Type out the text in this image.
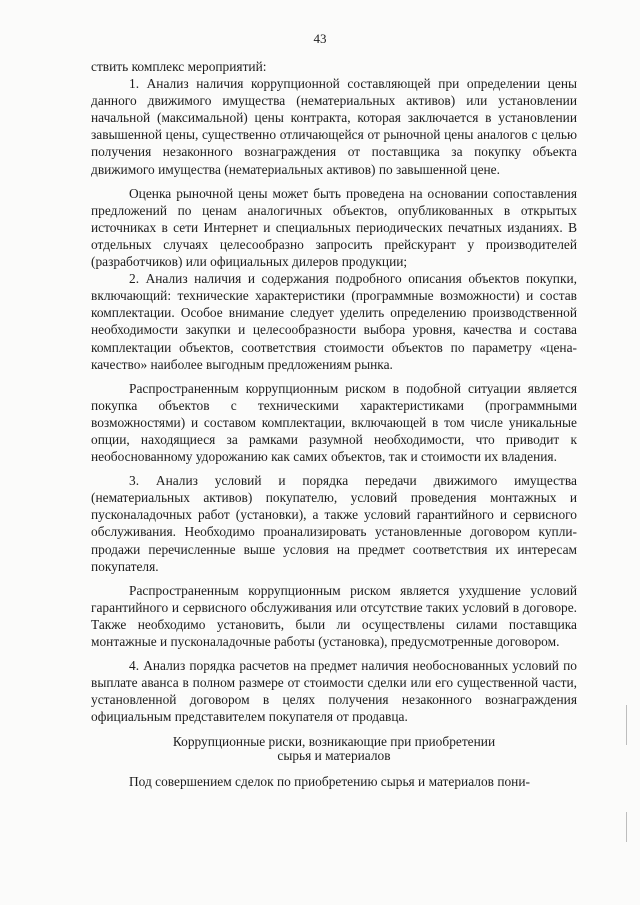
43

ствить комплекс мероприятий:

1. Анализ наличия коррупционной составляющей при определении цены данного движимого имущества (нематериальных активов) или установлении начальной (максимальной) цены контракта, которая заключается в установлении завышенной цены, существенно отличающейся от рыночной цены аналогов с целью получения незаконного вознаграждения от поставщика за покупку объекта движимого имущества (нематериальных активов) по завышенной цене.

Оценка рыночной цены может быть проведена на основании сопоставления предложений по ценам аналогичных объектов, опубликованных в открытых источниках в сети Интернет и специальных периодических печатных изданиях. В отдельных случаях целесообразно запросить прейскурант у производителей (разработчиков) или официальных дилеров продукции;

2. Анализ наличия и содержания подробного описания объектов покупки, включающий: технические характеристики (программные возможности) и состав комплектации. Особое внимание следует уделить определению производственной необходимости закупки и целесообразности выбора уровня, качества и состава комплектации объектов, соответствия стоимости объектов по параметру «цена-качество» наиболее выгодным предложениям рынка.

Распространенным коррупционным риском в подобной ситуации является покупка объектов с техническими характеристиками (программными возможностями) и составом комплектации, включающей в том числе уникальные опции, находящиеся за рамками разумной необходимости, что приводит к необоснованному удорожанию как самих объектов, так и стоимости их владения.

3. Анализ условий и порядка передачи движимого имущества (нематериальных активов) покупателю, условий проведения монтажных и пусконаладочных работ (установки), а также условий гарантийного и сервисного обслуживания. Необходимо проанализировать установленные договором купли-продажи перечисленные выше условия на предмет соответствия их интересам покупателя.

Распространенным коррупционным риском является ухудшение условий гарантийного и сервисного обслуживания или отсутствие таких условий в договоре. Также необходимо установить, были ли осуществлены силами поставщика монтажные и пусконаладочные работы (установка), предусмотренные договором.

4. Анализ порядка расчетов на предмет наличия необоснованных условий по выплате аванса в полном размере от стоимости сделки или его существенной части, установленной договором в целях получения незаконного вознаграждения официальным представителем покупателя от продавца.

Коррупционные риски, возникающие при приобретении
сырья и материалов

Под совершением сделок по приобретению сырья и материалов пони-
